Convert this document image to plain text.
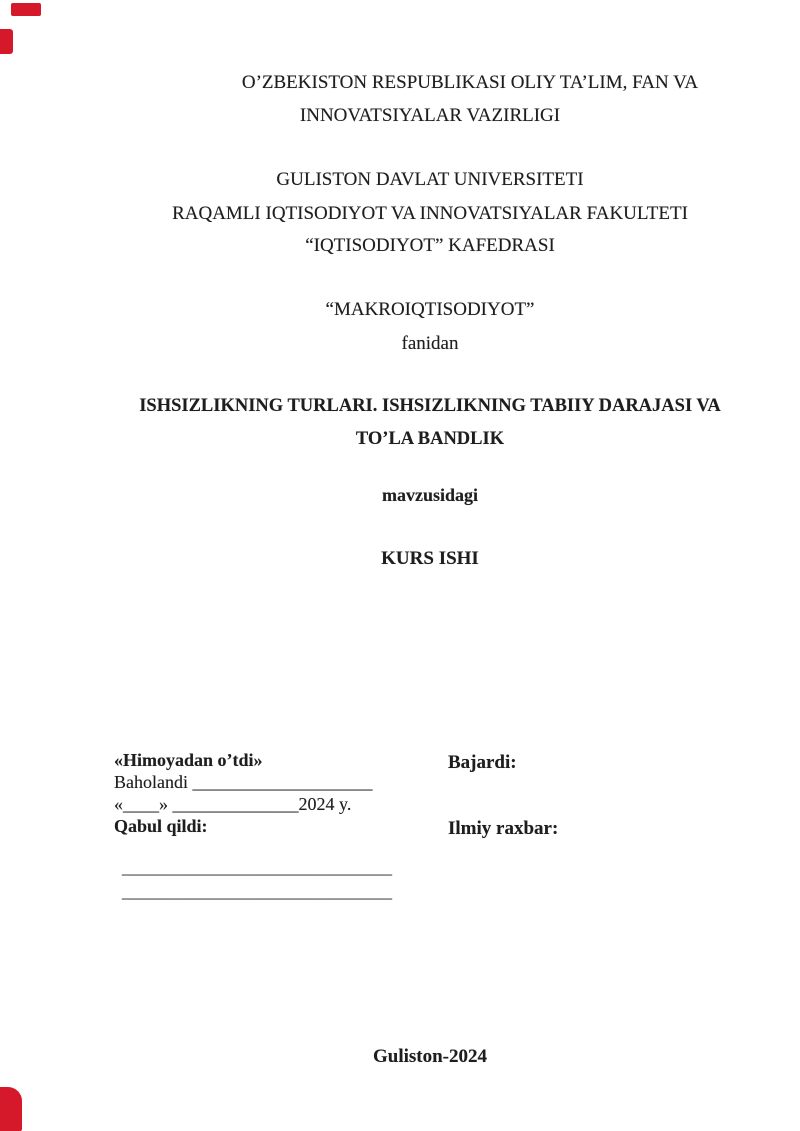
O’ZBEKISTON RESPUBLIKASI OLIY TA’LIM, FAN VA
INNOVATSIYALAR VAZIRLIGI
GULISTON DAVLAT UNIVERSITETI
RAQAMLI IQTISODIYOT VA INNOVATSIYALAR FAKULTETI
“IQTISODIYOT” KAFEDRASI
“MAKROIQTISODIYOT”
fanidan
ISHSIZLIKNING TURLARI. ISHSIZLIKNING TABIIY DARAJASI VA
TO’LA BANDLIK
mavzusidagi
KURS ISHI
«Himoyadan o’tdi»
Baholandi ____________________
«____» ______________2024 y.
Qabul qildi:
Bajardi:
Ilmiy raxbar:
______________________________
______________________________
Guliston-2024
